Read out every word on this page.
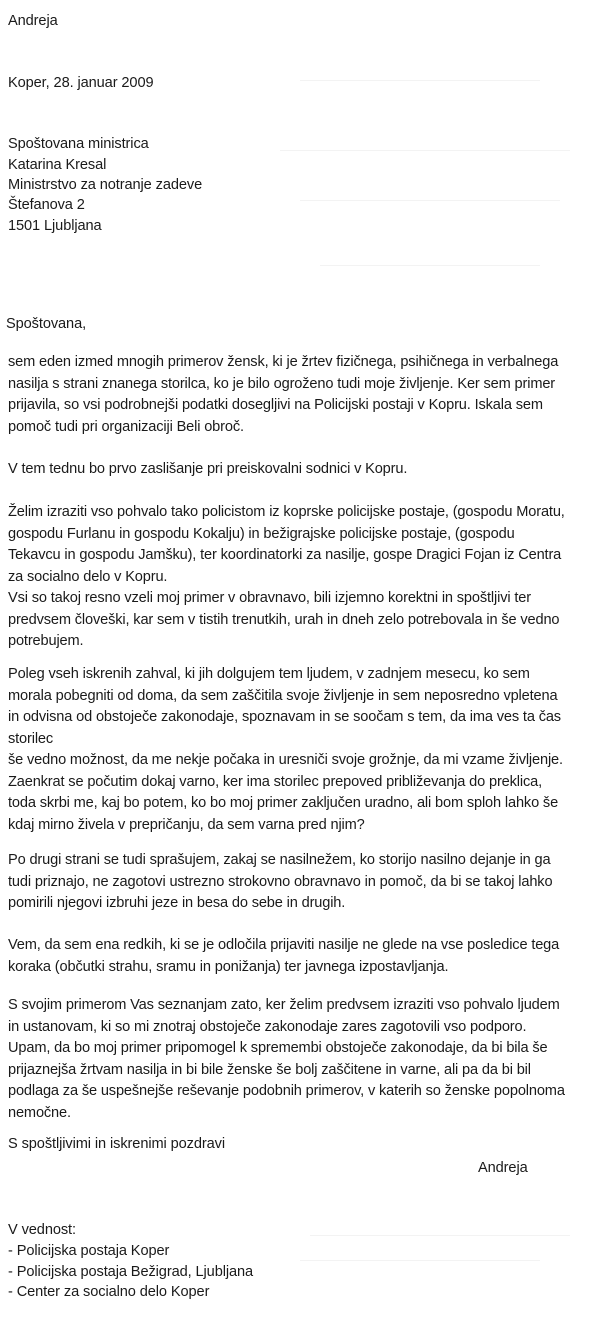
Andreja

Koper, 28. januar 2009

Spoštovana ministrica

Katarina Kresal

Ministrstvo za notranje zadeve

Štefanova 2

1501 Ljubljana

Spoštovana,

sem eden izmed mnogih primerov žensk, ki je žrtev fizičnega, psihičnega in verbalnega
nasilja s strani znanega storilca, ko je bilo ogroženo tudi moje življenje. Ker sem primer
prijavila, so vsi podrobnejši podatki dosegljivi na Policijski postaji v Kopru. Iskala sem
pomoč tudi pri organizaciji Beli obroč.
V tem tednu bo prvo zaslišanje pri preiskovalni sodnici v Kopru.
Želim izraziti vso pohvalo tako policistom iz koprske policijske postaje, (gospodu Moratu,
gospodu Furlanu in gospodu Kokalju) in bežigrajske policijske postaje, (gospodu
Tekavcu in gospodu Jamšku), ter koordinatorki za nasilje, gospe Dragici Fojan iz Centra
za socialno delo v Kopru.
Vsi so takoj resno vzeli moj primer v obravnavo, bili izjemno korektni in spoštljivi ter
predvsem človeški, kar sem v tistih trenutkih, urah in dneh zelo potrebovala in še vedno
potrebujem.
Poleg vseh iskrenih zahval, ki jih dolgujem tem ljudem, v zadnjem mesecu, ko sem
morala pobegniti od doma, da sem zaščitila svoje življenje in sem neposredno vpletena
in odvisna od obstoječe zakonodaje, spoznavam in se soočam s tem, da ima ves ta čas
storilec
še vedno možnost, da me nekje počaka in uresniči svoje grožnje, da mi vzame življenje.
Zaenkrat se počutim dokaj varno, ker ima storilec prepoved približevanja do preklica,
toda skrbi me, kaj bo potem, ko bo moj primer zaključen uradno, ali bom sploh lahko še
kdaj mirno živela v prepričanju, da sem varna pred njim?
Po drugi strani se tudi sprašujem, zakaj se nasilnežem, ko storijo nasilno dejanje in ga
tudi priznajo, ne zagotovi ustrezno strokovno obravnavo in pomoč, da bi se takoj lahko
pomirili njegovi izbruhi jeze in besa do sebe in drugih.
Vem, da sem ena redkih, ki se je odločila prijaviti nasilje ne glede na vse posledice tega
koraka (občutki strahu, sramu in ponižanja) ter javnega izpostavljanja.
S svojim primerom Vas seznanjam zato, ker želim predvsem izraziti vso pohvalo ljudem
in ustanovam, ki so mi znotraj obstoječe zakonodaje zares zagotovili vso podporo.
Upam, da bo moj primer pripomogel k spremembi obstoječe zakonodaje, da bi bila še
prijaznejša žrtvam nasilja in bi bile ženske še bolj zaščitene in varne, ali pa da bi bil
podlaga za še uspešnejše reševanje podobnih primerov, v katerih so ženske popolnoma
nemočne.

S spoštljivimi in iskrenimi pozdravi

Andreja

V vednost:

- Policijska postaja Koper

- Policijska postaja Bežigrad, Ljubljana

- Center za socialno delo Koper
